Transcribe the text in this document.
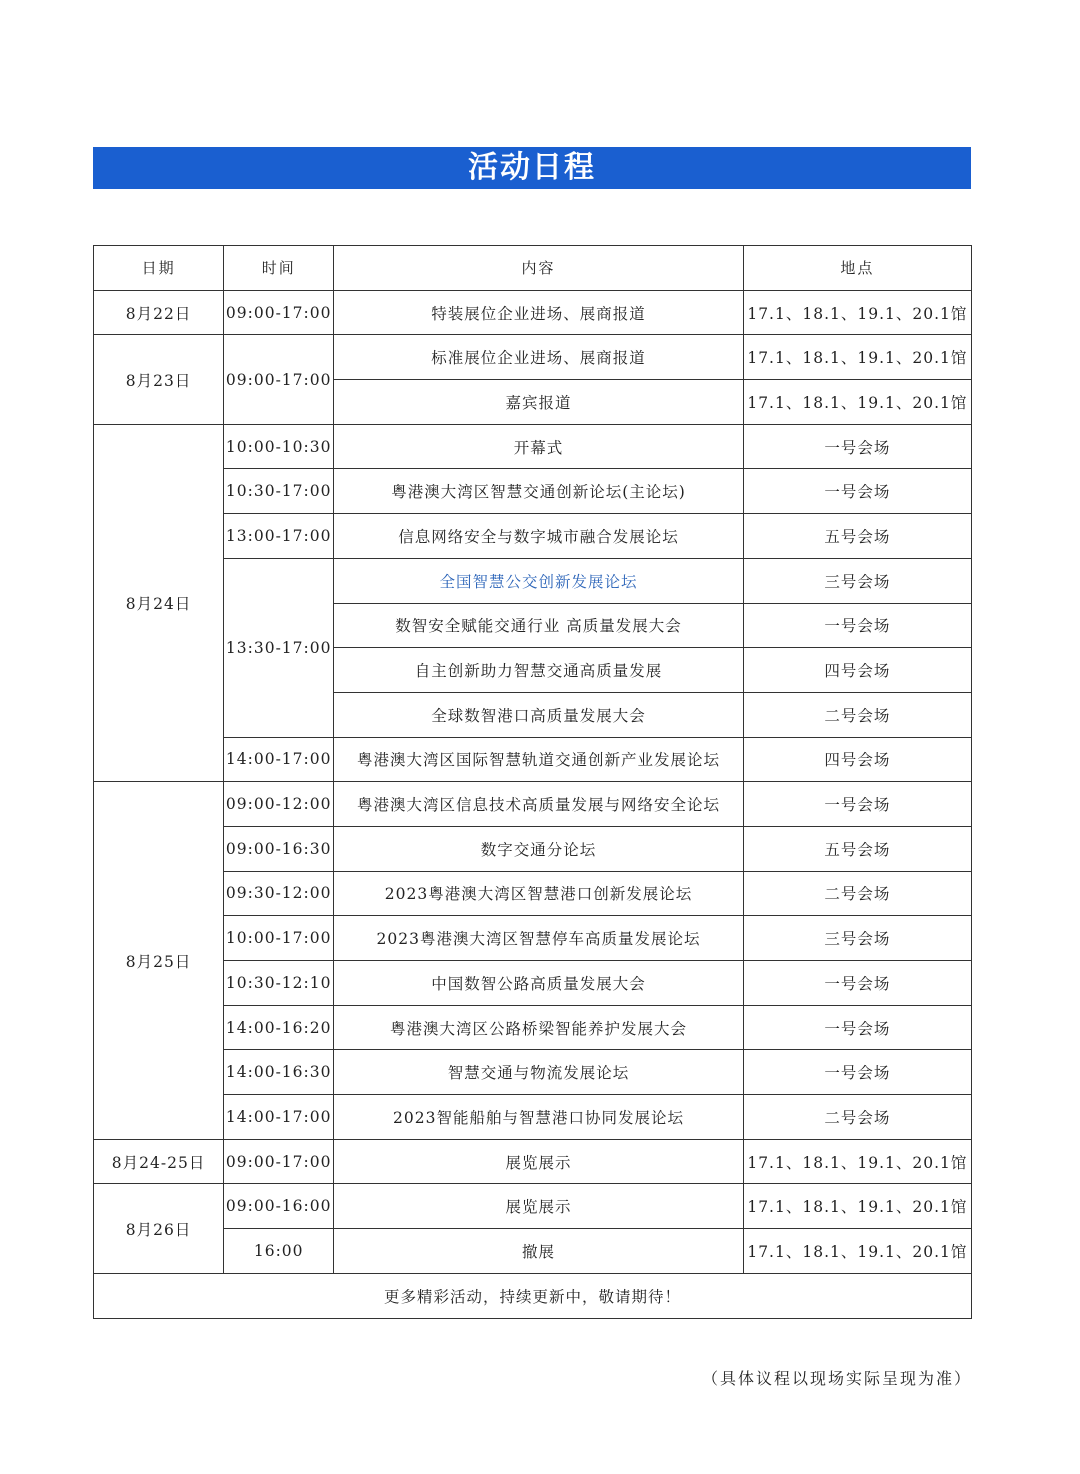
活动日程
日期	时间	内容	地点
8月22日	09:00-17:00	特装展位企业进场、展商报道	17.1、18.1、19.1、20.1馆
8月23日	09:00-17:00	标准展位企业进场、展商报道	17.1、18.1、19.1、20.1馆
		嘉宾报道	17.1、18.1、19.1、20.1馆
8月24日	10:00-10:30	开幕式	一号会场
	10:30-17:00	粤港澳大湾区智慧交通创新论坛(主论坛)	一号会场
	13:00-17:00	信息网络安全与数字城市融合发展论坛	五号会场
	13:30-17:00	全国智慧公交创新发展论坛	三号会场
		数智安全赋能交通行业 高质量发展大会	一号会场
		自主创新助力智慧交通高质量发展	四号会场
		全球数智港口高质量发展大会	二号会场
	14:00-17:00	粤港澳大湾区国际智慧轨道交通创新产业发展论坛	四号会场
8月25日	09:00-12:00	粤港澳大湾区信息技术高质量发展与网络安全论坛	一号会场
	09:00-16:30	数字交通分论坛	五号会场
	09:30-12:00	2023粤港澳大湾区智慧港口创新发展论坛	二号会场
	10:00-17:00	2023粤港澳大湾区智慧停车高质量发展论坛	三号会场
	10:30-12:10	中国数智公路高质量发展大会	一号会场
	14:00-16:20	粤港澳大湾区公路桥梁智能养护发展大会	一号会场
	14:00-16:30	智慧交通与物流发展论坛	一号会场
	14:00-17:00	2023智能船舶与智慧港口协同发展论坛	二号会场
8月24-25日	09:00-17:00	展览展示	17.1、18.1、19.1、20.1馆
8月26日	09:00-16:00	展览展示	17.1、18.1、19.1、20.1馆
	16:00	撤展	17.1、18.1、19.1、20.1馆
更多精彩活动，持续更新中，敬请期待！			
（具体议程以现场实际呈现为准）
